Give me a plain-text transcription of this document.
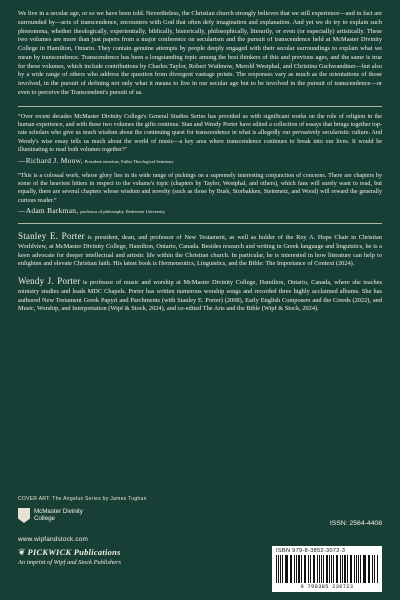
We live in a secular age, or so we have been told. Nevertheless, the Christian church strongly believes that we still experience—and in fact are surrounded by—acts of transcendence, encounters with God that often defy imagination and explanation. And yet we do try to explain such phenomena, whether theologically, experientially, biblically, historically, philosophically, literarily, or even (or especially) artistically. These two volumes are more than just papers from a major conference on secularism and the pursuit of transcendence held at McMaster Divinity College in Hamilton, Ontario. They contain genuine attempts by people deeply engaged with their secular surroundings to explain what we mean by transcendence. Transcendence has been a longstanding topic among the best thinkers of this and previous ages, and the same is true for these volumes, which include contributions by Charles Taylor, Robert Wuthnow, Merold Westphal, and Christina Gschwandtner—but also by a wide range of others who address the question from divergent vantage points. The responses vary as much as the orientations of those involved, in the pursuit of defining not only what it means to live in our secular age but to be involved in the pursuit of transcendence—or even to perceive the Transcendent's pursuit of us.

“Over recent decades McMaster Divinity College's General Studies Series has provided us with significant works on the role of religion in the human experience, and with these two volumes the gifts continue. Stan and Wendy Porter have edited a collection of essays that brings together top-rate scholars who give us much wisdom about the continuing quest for transcendence in what is allegedly our pervasively secularistic culture. And Wendy's wise essay tells us much about the world of music—a key area where transcendence continues to break into our lives. It would be illuminating to read both volumes together!”

—Richard J. Mouw, President emeritus, Fuller Theological Seminary

“This is a colossal work, whose glory lies in its wide range of pickings on a supremely interesting conjunction of concerns. There are chapters by some of the heaviest hitters in respect to the volume's topic (chapters by Taylor, Westphal, and others), which fans will surely want to read, but equally, there are several chapters whose wisdom and novelty (such as those by Bush, Storbakken, Steinmetz, and Wood) will reward the generally curious reader.”

—Adam Barkman, professor of philosophy, Redeemer University

Stanley E. Porter is president, dean, and professor of New Testament, as well as holder of the Roy A. Hope Chair in Christian Worldview, at McMaster Divinity College, Hamilton, Ontario, Canada. Besides research and writing in Greek language and linguistics, he is a keen advocate for deeper intellectual and artistic life within the Christian church. In particular, he is interested in how literature can help to enlighten and elevate Christian faith. His latest book is Hermeneutics, Linguistics, and the Bible: The Importance of Context (2024).

Wendy J. Porter is professor of music and worship at McMaster Divinity College, Hamilton, Ontario, Canada, where she teaches ministry studies and leads MDC Chapels. Porter has written numerous worship songs and recorded three highly acclaimed albums. She has authored New Testament Greek Papyri and Parchments (with Stanley E. Porter) (2008), Early English Composers and the Creeds (2022), and Music, Worship, and Interpretation (Wipf & Stock, 2024), and co-edited The Arts and the Bible (Wipf & Stock, 2024).

COVER ART: The Angelus Series by James Tughan
McMaster Divinity
College
www.wipfandstock.com
❦ PICKWICK Publications
An imprint of Wipf and Stock Publishers
ISSN: 2564-4408
ISBN 979-8-3852-3072-3
9 798385 230723
